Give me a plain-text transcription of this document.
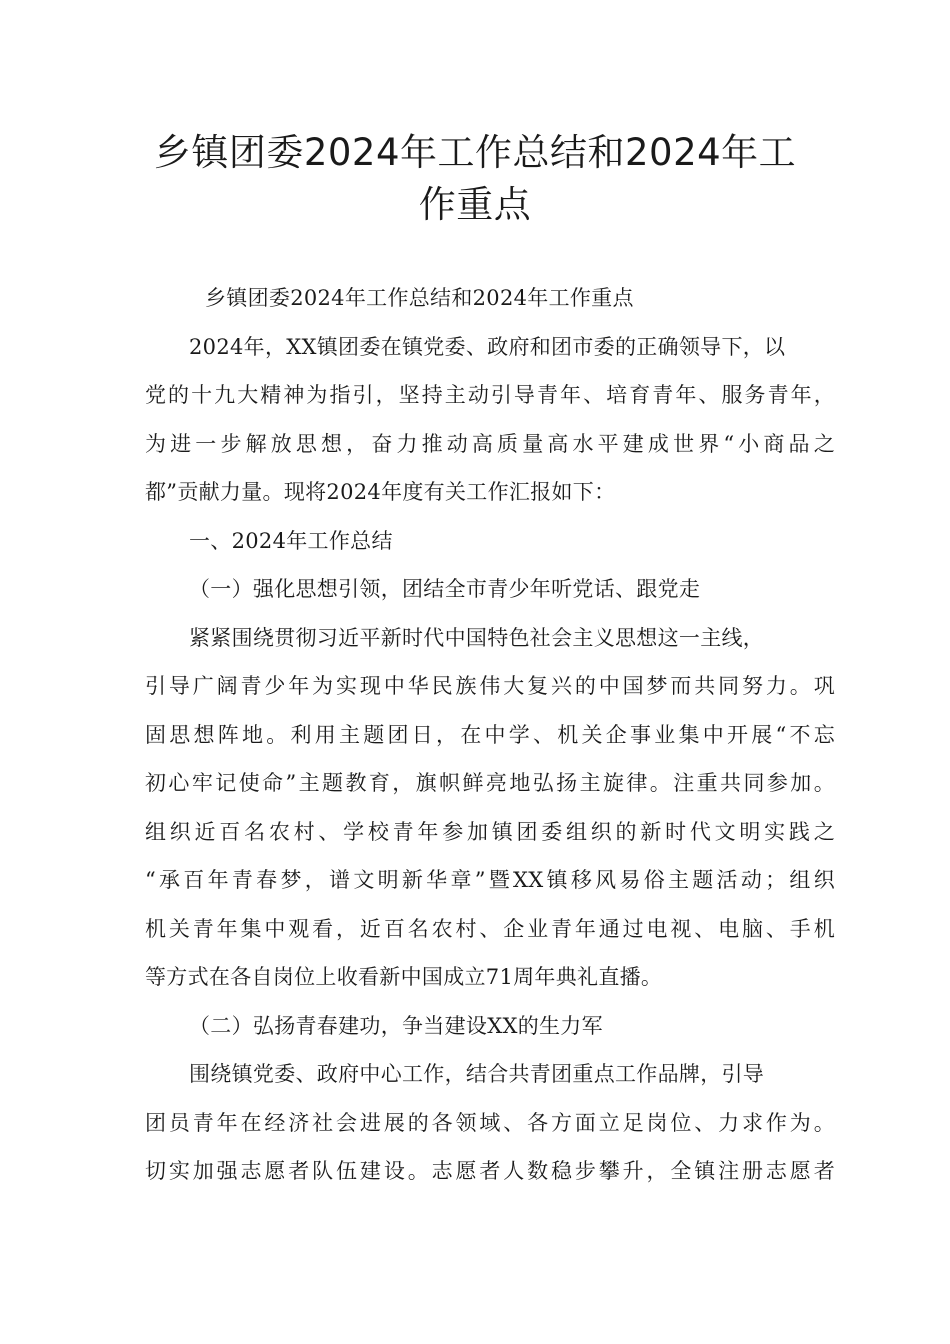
乡镇团委2024年工作总结和2024年工
作重点
乡镇团委2024年工作总结和2024年工作重点
2024年，XX镇团委在镇党委、政府和团市委的正确领导下，以
党的十九大精神为指引，坚持主动引导青年、培育青年、服务青年，
为进一步解放思想，奋力推动高质量高水平建成世界“小商品之
都”贡献力量。现将2024年度有关工作汇报如下：
一、2024年工作总结
（一）强化思想引领，团结全市青少年听党话、跟党走
紧紧围绕贯彻习近平新时代中国特色社会主义思想这一主线，
引导广阔青少年为实现中华民族伟大复兴的中国梦而共同努力。巩
固思想阵地。利用主题团日，在中学、机关企事业集中开展“不忘
初心牢记使命”主题教育，旗帜鲜亮地弘扬主旋律。注重共同参加。
组织近百名农村、学校青年参加镇团委组织的新时代文明实践之
“承百年青春梦，谱文明新华章”暨XX镇移风易俗主题活动；组织
机关青年集中观看，近百名农村、企业青年通过电视、电脑、手机
等方式在各自岗位上收看新中国成立71周年典礼直播。
（二）弘扬青春建功，争当建设XX的生力军
围绕镇党委、政府中心工作，结合共青团重点工作品牌，引导
团员青年在经济社会进展的各领域、各方面立足岗位、力求作为。
切实加强志愿者队伍建设。志愿者人数稳步攀升，全镇注册志愿者
